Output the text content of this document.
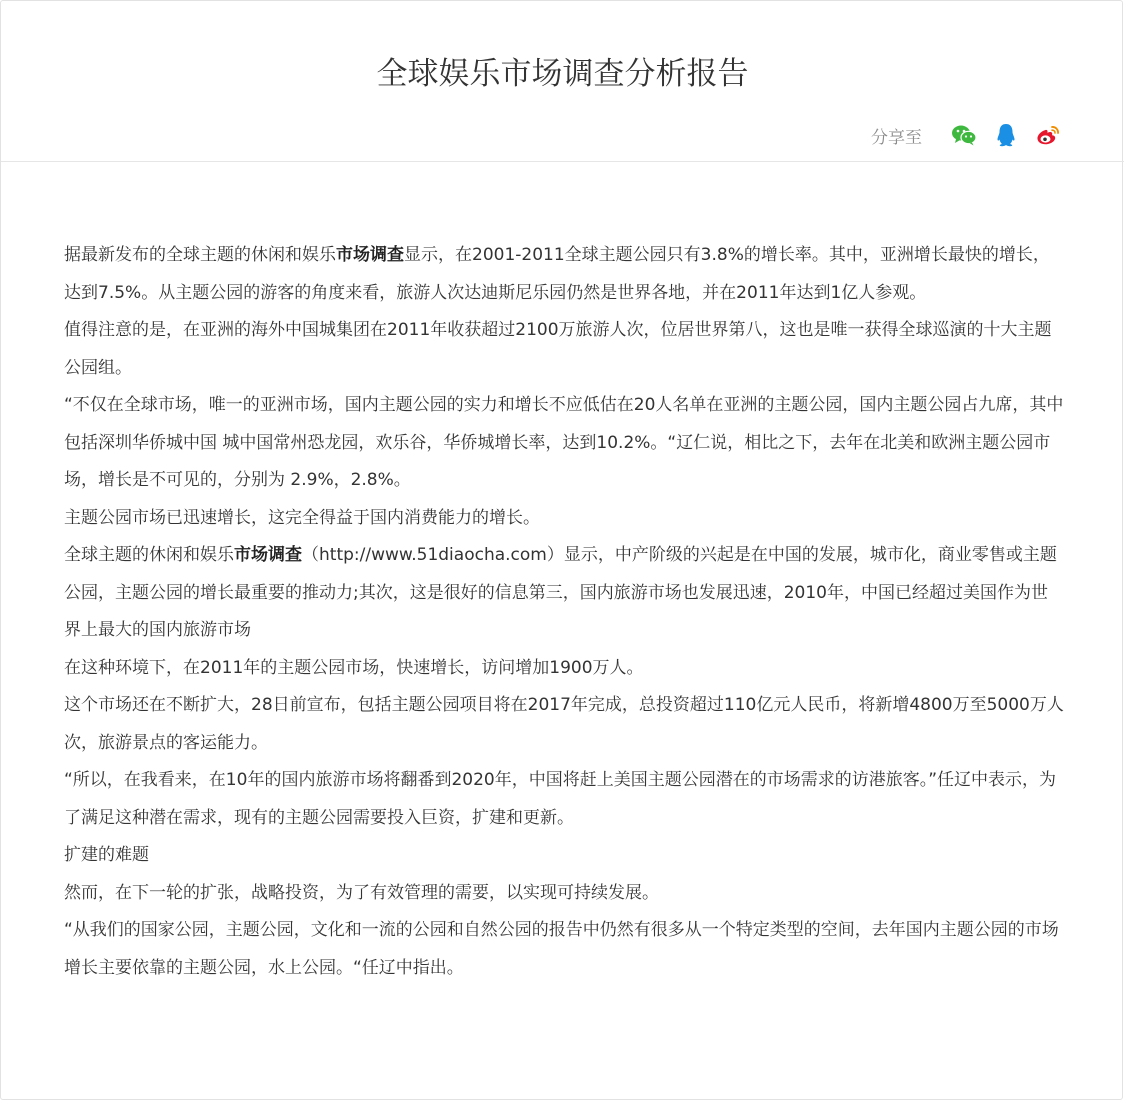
全球娱乐市场调查分析报告
分享至

据最新发布的全球主题的休闲和娱乐市场调查显示，在2001-2011全球主题公园只有3.8%的增长率。其中，亚洲增长最快的增长，达到7.5%。从主题公园的游客的角度来看，旅游人次达迪斯尼乐园仍然是世界各地，并在2011年达到1亿人参观。

值得注意的是，在亚洲的海外中国城集团在2011年收获超过2100万旅游人次，位居世界第八，这也是唯一获得全球巡演的十大主题公园组。

“不仅在全球市场，唯一的亚洲市场，国内主题公园的实力和增长不应低估在20人名单在亚洲的主题公园，国内主题公园占九席，其中包括深圳华侨城中国 城中国常州恐龙园，欢乐谷，华侨城增长率，达到10.2%。“辽仁说，相比之下，去年在北美和欧洲主题公园市场，增长是不可见的，分别为 2.9%，2.8%。

主题公园市场已迅速增长，这完全得益于国内消费能力的增长。

全球主题的休闲和娱乐市场调查（http://www.51diaocha.com）显示，中产阶级的兴起是在中国的发展，城市化，商业零售或主题公园，主题公园的增长最重要的推动力;其次，这是很好的信息第三，国内旅游市场也发展迅速，2010年，中国已经超过美国作为世界上最大的国内旅游市场

在这种环境下，在2011年的主题公园市场，快速增长，访问增加1900万人。

这个市场还在不断扩大，28日前宣布，包括主题公园项目将在2017年完成，总投资超过110亿元人民币，将新增4800万至5000万人次，旅游景点的客运能力。

“所以，在我看来，在10年的国内旅游市场将翻番到2020年，中国将赶上美国主题公园潜在的市场需求的访港旅客。”任辽中表示，为了满足这种潜在需求，现有的主题公园需要投入巨资，扩建和更新。

扩建的难题

然而，在下一轮的扩张，战略投资，为了有效管理的需要，以实现可持续发展。

“从我们的国家公园，主题公园，文化和一流的公园和自然公园的报告中仍然有很多从一个特定类型的空间，去年国内主题公园的市场增长主要依靠的主题公园，水上公园。“任辽中指出。
